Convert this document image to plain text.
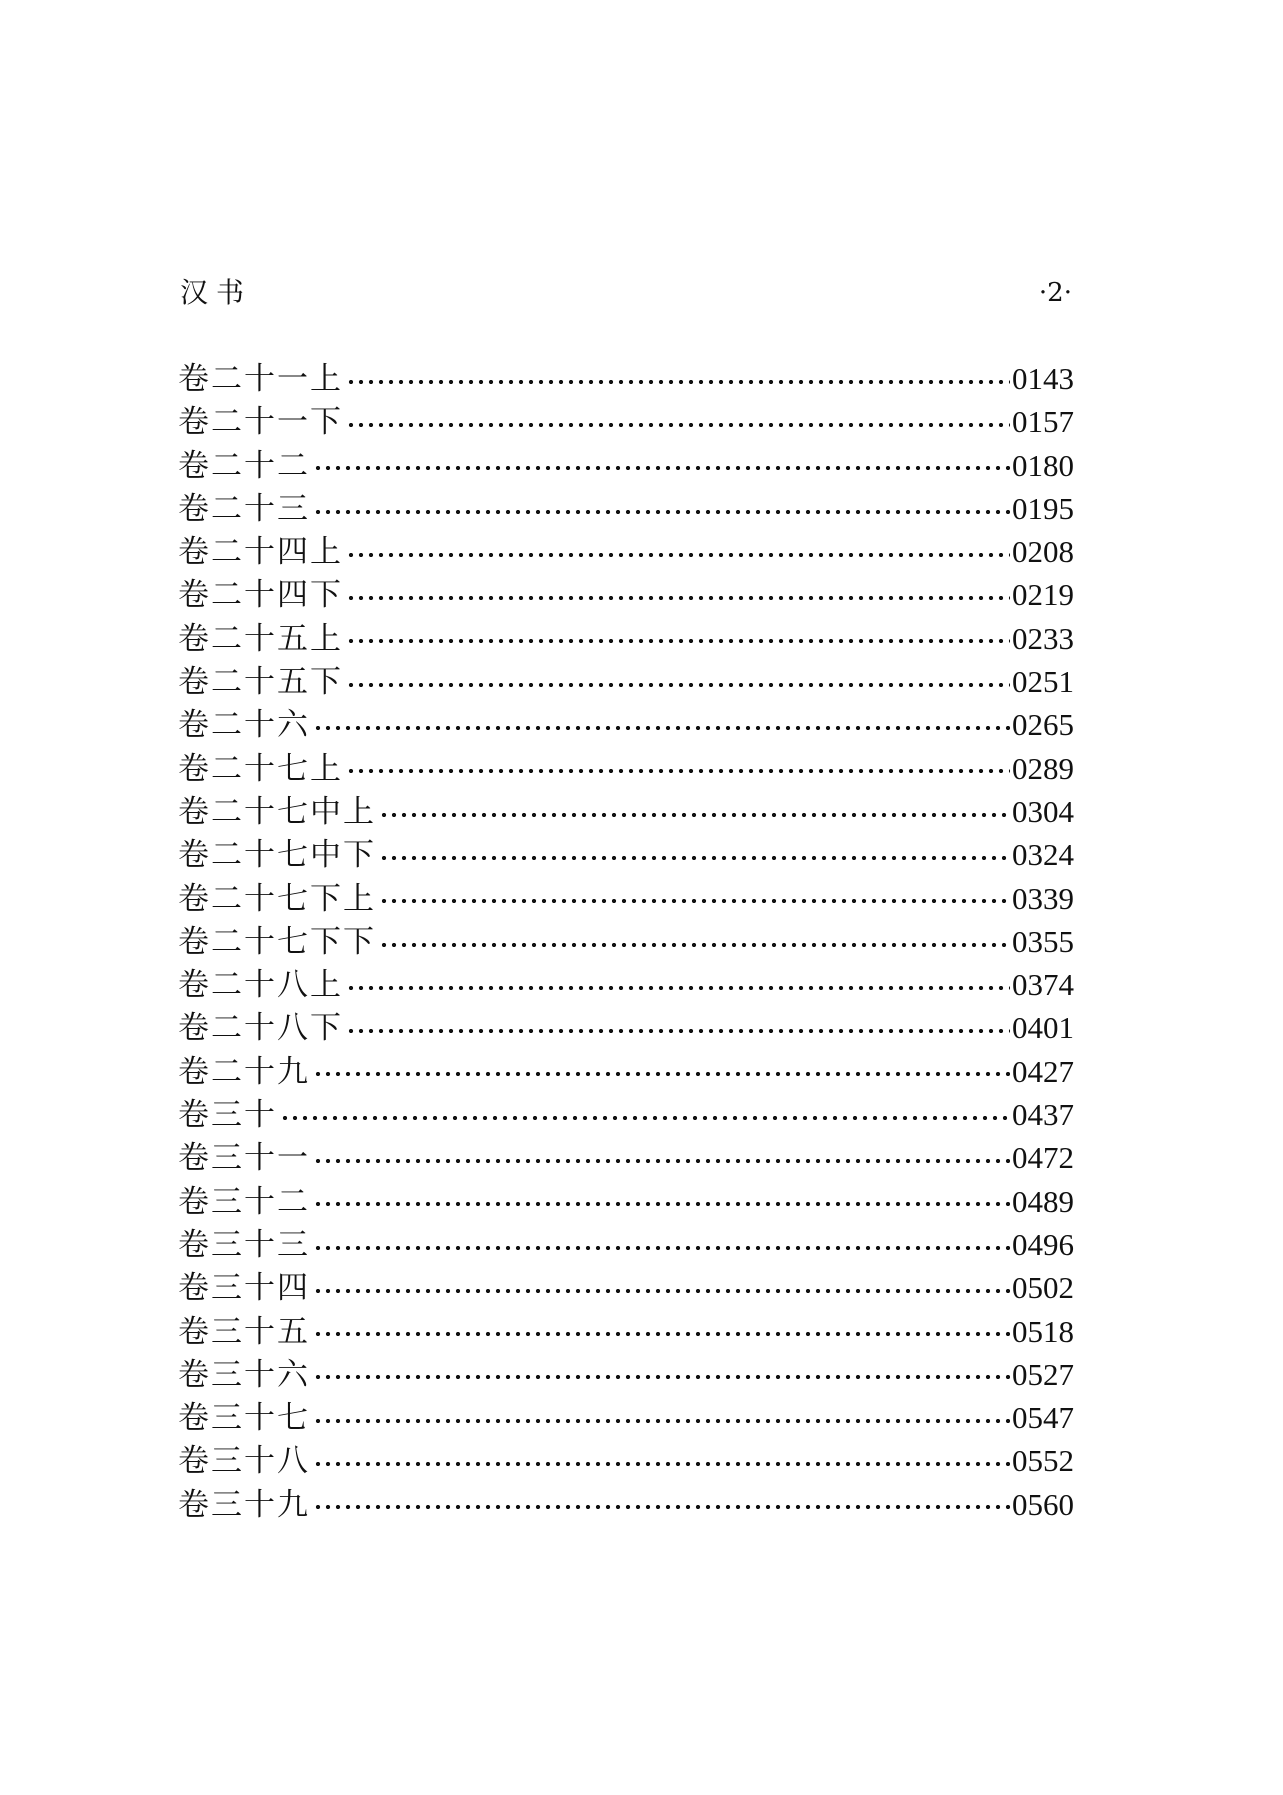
汉书	·2·
卷二十一上	0143
卷二十一下	0157
卷二十二	0180
卷二十三	0195
卷二十四上	0208
卷二十四下	0219
卷二十五上	0233
卷二十五下	0251
卷二十六	0265
卷二十七上	0289
卷二十七中上	0304
卷二十七中下	0324
卷二十七下上	0339
卷二十七下下	0355
卷二十八上	0374
卷二十八下	0401
卷二十九	0427
卷三十	0437
卷三十一	0472
卷三十二	0489
卷三十三	0496
卷三十四	0502
卷三十五	0518
卷三十六	0527
卷三十七	0547
卷三十八	0552
卷三十九	0560
